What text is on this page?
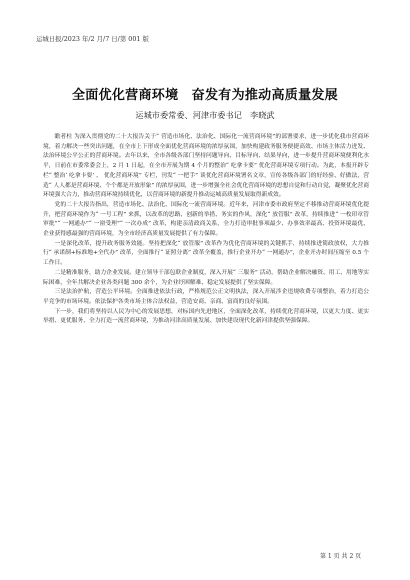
运城日报/2023 年/2 月/7 日/第 001 版
全面优化营商环境　奋发有为推动高质量发展
运城市委常委、河津市委书记　李晓武

瞻者柱 为深入贯彻党的二十大报告关于“ 营造市场化、法治化、国际化一流营商环境”的部署要求，进一步优化我市营商环境，着力解决一些突出问题，在全市上下形成全面优化营商环境的浓厚氛围，加快构建政务服务便捷高效、市场主体活力迸发、法治环境公平公正的营商环境。去年以来，全市各级各部门坚持问题导向、目标导向、结果导向，进一步提升营商环境便利化水平，日前在市委常委会上，2 月 1 日起，在全市开展为期 4 个月的整治“ 吃拿卡要” 优化营商环境专项行动。为此，本报开辟专栏“ 整治‘ 吃拿卡要’ 、 优化营商环境” 专栏，刊发“ 一把手” 谈优化营商环境署名文章，宣传各级各部门的好经验、好做法，营造“ 人人都是营商环境、个个都是开放形象” 的浓厚氛围，进一步增强全社会优化营商环境的思想自觉和行动自觉，凝聚优化营商环境强大合力，推动营商环境持续优化，以营商环境的新提升推动运城高质量发展取得新成效。

党的二十大报告指出，营造市场化、法治化、国际化一流营商环境。近年来，河津市委市政府坚定不移推动营商环境优化提升，把营商环境作为“ 一号工程” 来抓，以改革的思路、创新的举措、务实的作风，深化“ 放管服” 改革，持续推进“ 一枚印章管审批”“ 一网通办”“ 一窗受理”“ 一次办成” 改革，构建亲清政商关系，全力打造审批事项最少、办事效率最高、投资环境最优、企业获得感最强的营商环境，为全市经济高质量发展提供了有力保障。

一是深化改革，提升政务服务效能。坚持把深化“ 放管服” 改革作为优化营商环境的关键抓手，持续推进简政放权，大力推行“ 承诺制+标准地+全代办” 改革，全面推行“ 证照分离” 改革全覆盖，推行企业开办“ 一网通办”，企业开办时间压缩至 0.5 个工作日。

二是精准服务，助力企业发展。建立领导干部包联企业制度，深入开展“ 三服务” 活动，帮助企业解决融资、用工、用地等实际困难，全年共解决企业各类问题 300 余个，为企业纾困解难、稳定发展提供了坚实保障。

三是法治护航，营造公平环境。全面推进依法行政，严格规范公正文明执法，深入开展涉企违规收费专项整治，着力打造公平竞争的市场环境。依法保护各类市场主体合法权益，营造安商、亲商、富商的良好氛围。

下一步，我们将坚持以人民为中心的发展思想，对标国内先进地区，全面深化改革，持续优化营商环境，以更大力度、更实举措、更优服务，全力打造一流营商环境，为推动河津高质量发展、加快建设现代化新河津提供坚强保障。

第 1 页 共 2 页
